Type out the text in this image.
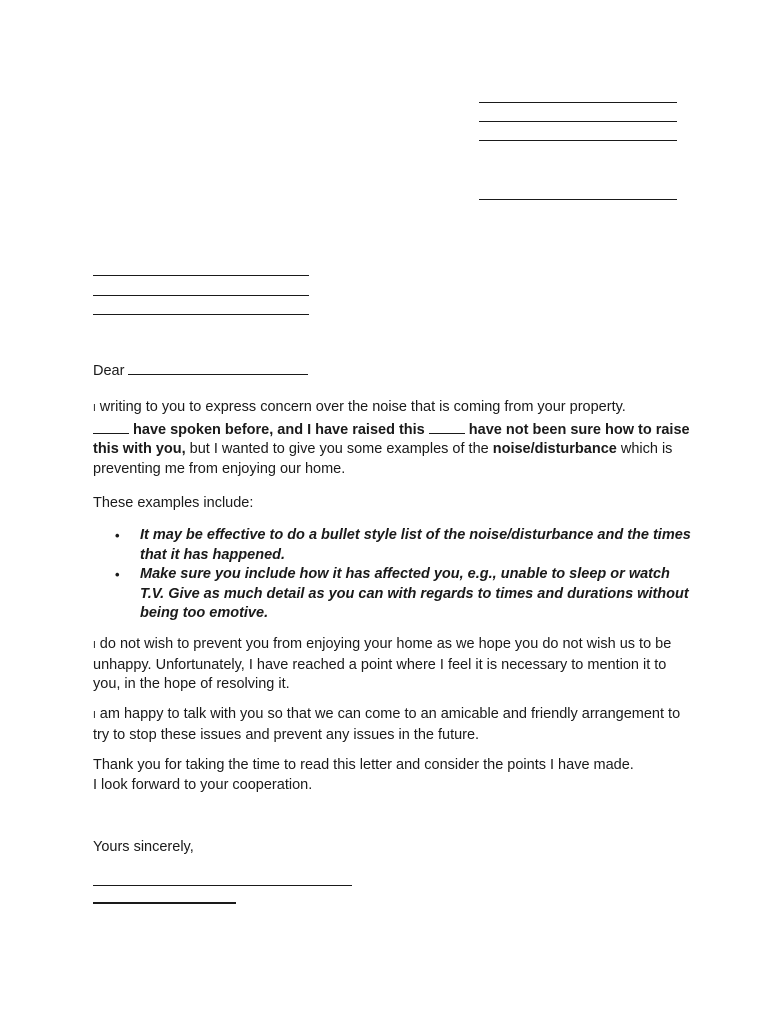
Dear
I writing to you to express concern over the noise that is coming from your property.
have spoken before, and I have raised this  have not been sure how to raise this with you, but I wanted to give you some examples of the noise/disturbance which is preventing me from enjoying our home.
These examples include:
• It may be effective to do a bullet style list of the noise/disturbance and the times that it has happened.
• Make sure you include how it has affected you, e.g., unable to sleep or watch T.V. Give as much detail as you can with regards to times and durations without being too emotive.
I do not wish to prevent you from enjoying your home as we hope you do not wish us to be unhappy. Unfortunately, I have reached a point where I feel it is necessary to mention it to you, in the hope of resolving it.
I am happy to talk with you so that we can come to an amicable and friendly arrangement to try to stop these issues and prevent any issues in the future.
Thank you for taking the time to read this letter and consider the points I have made.
I look forward to your cooperation.
Yours sincerely,
